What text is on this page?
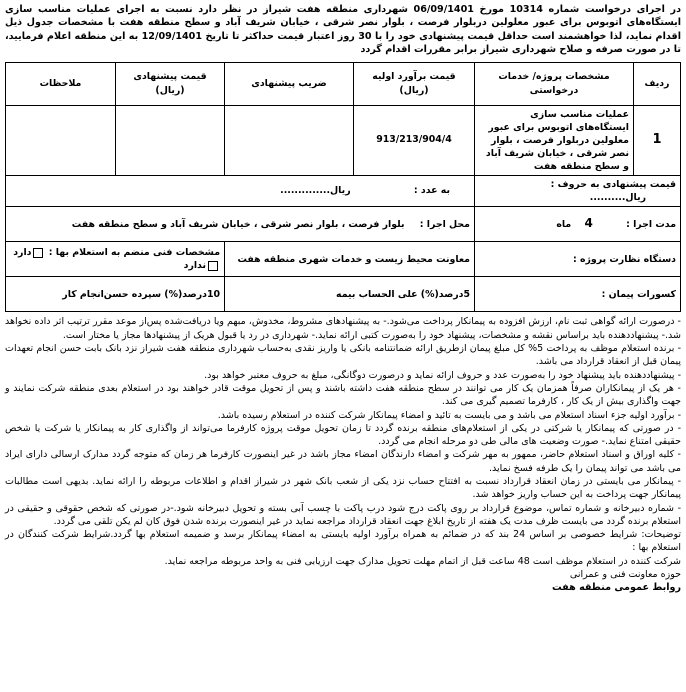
در اجرای درخواست شماره 10314 مورخ 06/09/1401 شهرداری منطقه هفت شیراز در نظر دارد نسبت به اجرای عملیات مناسب سازی ایستگاه‌های اتوبوس برای عبور معلولین دربلوار فرصت ، بلوار نصر شرقی ، خیابان شریف آباد و سطح منطقه هفت با مشخصات جدول ذیل اقدام نماید، لذا خواهشمند است حداقل قیمت پیشنهادی خود را با 30 روز اعتبار قیمت حداکثر تا تاریخ 12/09/1401 به این منطقه اعلام فرمایید، تا در صورت صرفه و صلاح شهرداری شیراز برابر مقررات اقدام گردد

ردیف	مشخصات پروژه/ خدمات درخواستی	قیمت برآورد اولیه (ریال)	ضریب پیشنهادی	قیمت پیشنهادی (ریال)	ملاحظات
1	عملیات مناسب سازی ایستگاه‌های اتوبوس برای عبور معلولین دربلوار فرصت ، بلوار نصر شرقی ، خیابان شریف آباد و سطح منطقه هفت	913/213/904/4			
قیمت پیشنهادی به حروف : ریال..........		به عدد : ریال..............			
مدت اجرا : 4 ماه		محل اجرا : بلوار فرصت ، بلوار نصر شرقی ، خیابان شریف آباد و سطح منطقه هفت			
دستگاه نظارت پروژه :		معاونت محیط زیست و خدمات شهری منطقه هفت		مشخصات فنی منضم به استعلام بها : دارد ندارد	
کسورات پیمان :		5درصد(%) علی الحساب بیمه		10درصد(%) سپرده حسن‌انجام کار	

- درصورت ارائه گواهی ثبت نام، ارزش افزوده به پیمانکار پرداخت می‌شود.- به پیشنهادهای مشروط، مخدوش، مبهم ویا دریافت‌شده پس‌از موعد مقرر ترتیب اثر داده نخواهد شد.- پیشنهاددهنده باید براساس نقشه و مشخصات، پیشنهاد خود را به‌صورت کتبی ارائه نماید.- شهرداری در رد یا قبول هریک از پیشنهادها مجاز یا مختار است.

- برنده استعلام موظف به پرداخت 5% کل مبلغ پیمان ازطریق ارائه ضمانتنامه بانکی یا واریز نقدی به‌حساب شهرداری منطقه هفت شیراز نزد بانک بابت حسن انجام تعهدات پیمان قبل از انعقاد قرارداد می باشد.

- پیشنهاددهنده باید پیشنهاد خود را به‌صورت عدد و حروف ارائه نماید و درصورت دوگانگی، مبلغ به حروف معتبر خواهد بود.

- هر یک از پیمانکاران صرفاً همزمان یک کار می توانند در سطح منطقه هفت داشته باشند و پس از تحویل موقت قادر خواهند بود در استعلام بعدی منطقه شرکت نمایند و جهت واگذاری بیش از یک کار ، کارفرما تصمیم گیری می کند.

- برآورد اولیه جزء اسناد استعلام می باشد و می بایست به تائید و امضاء پیمانکار شرکت کننده در استعلام رسیده باشد.

- در صورتی که پیمانکار یا شرکتی در یکی از استعلام‌های منطقه برنده گردد تا زمان تحویل موقت پروژه کارفرما می‌تواند از واگذاری کار به پیمانکار یا شرکت یا شخص حقیقی امتناع نماید.- صورت وضعیت های مالی طی دو مرحله انجام می گردد.

- کلیه اوراق و اسناد استعلام حاضر، ممهور به مهر شرکت و امضاء دارندگان امضاء مجاز باشد در غیر اینصورت کارفرما هر زمان که متوجه گردد مدارک ارسالی دارای ایراد می باشد می تواند پیمان را یک طرفه فسخ نماید.

- پیمانکار می بایستی در زمان انعقاد قرارداد نسبت به افتتاح حساب نزد یکی از شعب بانک شهر در شیراز اقدام و اطلاعات مربوطه را ارائه نماید. بدیهی است مطالبات پیمانکار جهت پرداخت به این حساب واریز خواهد شد.

- شماره دبیرخانه و شماره تماس، موضوع قرارداد بر روی پاکت درج شود درب پاکت با چسب آبی بسته و تحویل دبیرخانه شود.-در صورتی که شخص حقوقی و حقیقی در استعلام برنده گردد می بایست ظرف مدت یک هفته از تاریخ ابلاغ جهت انعقاد قرارداد مراجعه نماید در غیر اینصورت برنده شدن فوق کان لم یکن تلقی می گردد.

توضیحات: شرایط خصوصی بر اساس 24 بند که در ضمائم به همراه برآورد اولیه بایستی به امضاء پیمانکار برسد و ضمیمه استعلام بها گردد.شرایط شرکت کنندگان در استعلام بها :

شرکت کننده در استعلام موظف است 48 ساعت قبل از اتمام مهلت تحویل مدارک جهت ارزیابی فنی به واحد مربوطه مراجعه نماید.

حوزه معاونت فنی و عمرانی

روابط عمومی منطقه هفت
